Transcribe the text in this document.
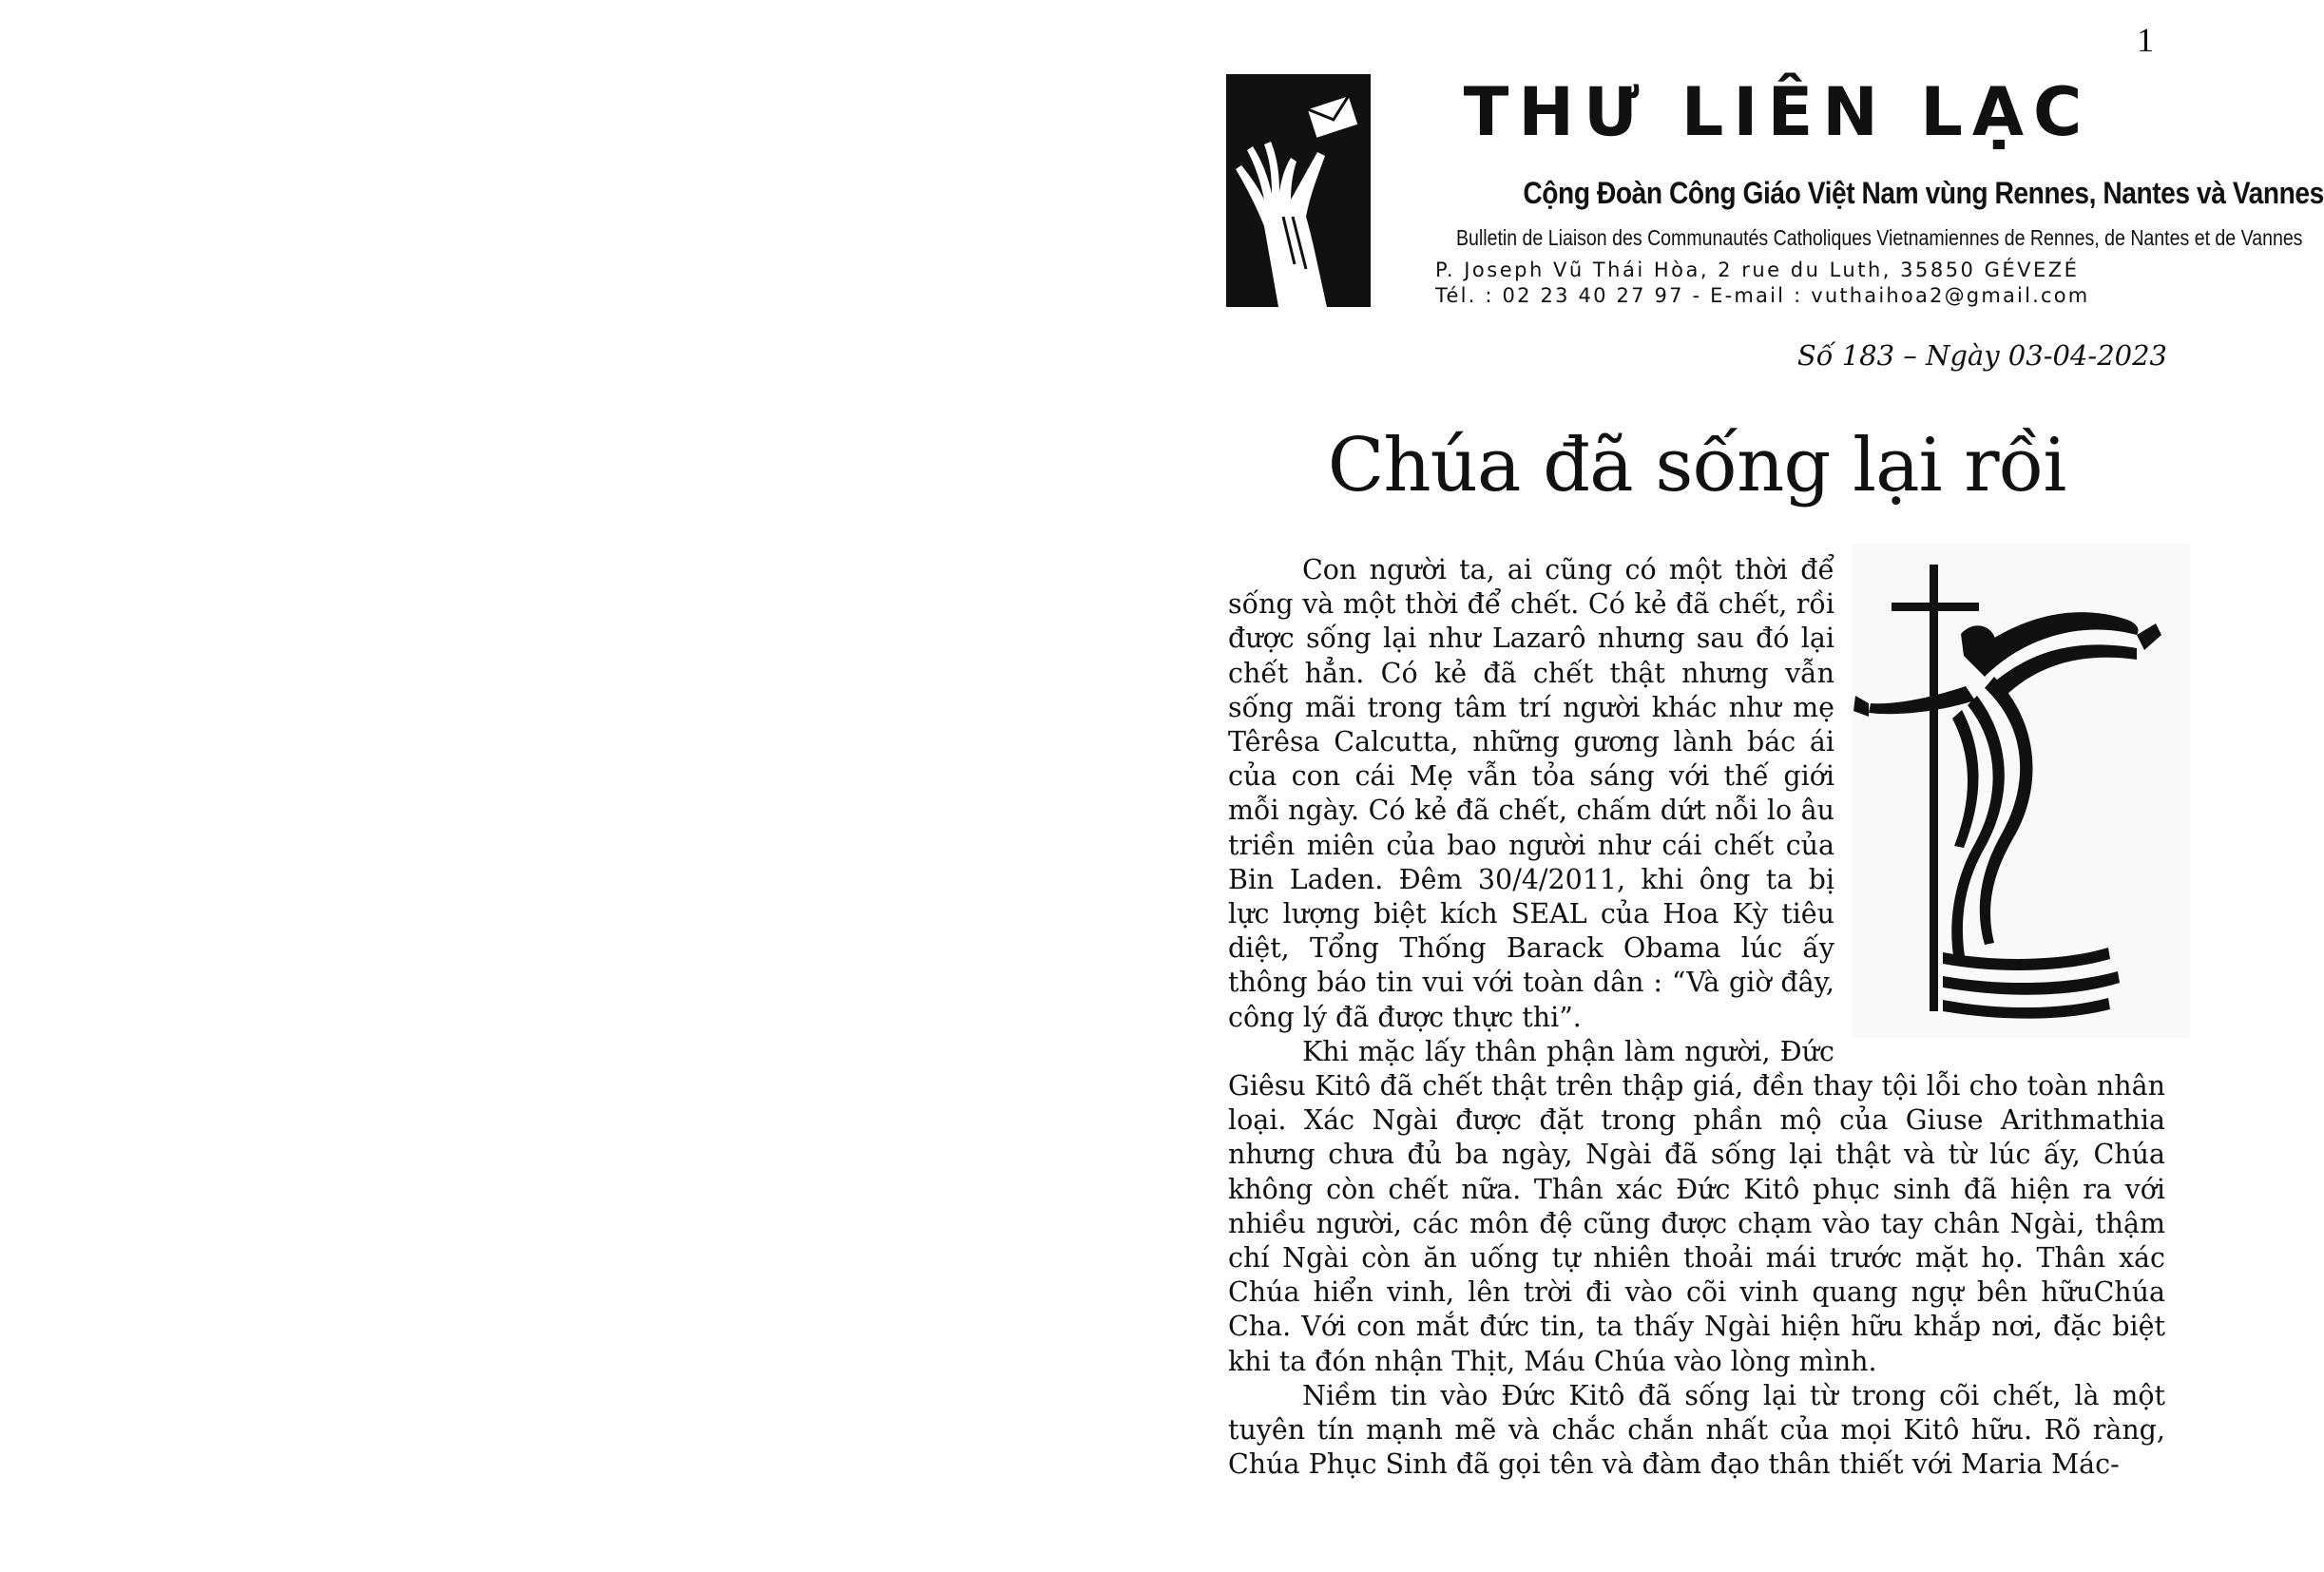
1
THƯ LIÊN LẠC
Cộng Đoàn Công Giáo Việt Nam vùng Rennes, Nantes và Vannes
Bulletin de Liaison des Communautés Catholiques Vietnamiennes de Rennes, de Nantes et de Vannes
P. Joseph Vũ Thái Hòa, 2 rue du Luth, 35850 GÉVEZÉ
Tél. : 02 23 40 27 97 - E-mail : vuthaihoa2@gmail.com
Số 183 – Ngày 03-04-2023
Chúa đã sống lại rồi

Con người ta, ai cũng có một thời để sống và một thời để chết. Có kẻ đã chết, rồi được sống lại như Lazarô nhưng sau đó lại chết hẳn. Có kẻ đã chết thật nhưng vẫn sống mãi trong tâm trí người khác như mẹ Têrêsa Calcutta, những gương lành bác ái của con cái Mẹ vẫn tỏa sáng với thế giới mỗi ngày. Có kẻ đã chết, chấm dứt nỗi lo âu triền miên của bao người như cái chết của Bin Laden. Đêm 30/4/2011, khi ông ta bị lực lượng biệt kích SEAL của Hoa Kỳ tiêu diệt, Tổng Thống Barack Obama lúc ấy thông báo tin vui với toàn dân : “Và giờ đây, công lý đã được thực thi”.

Khi mặc lấy thân phận làm người, Đức Giêsu Kitô đã chết thật trên thập giá, đền thay tội lỗi cho toàn nhân loại. Xác Ngài được đặt trong phần mộ của Giuse Arithmathia nhưng chưa đủ ba ngày, Ngài đã sống lại thật và từ lúc ấy, Chúa không còn chết nữa. Thân xác Đức Kitô phục sinh đã hiện ra với nhiều người, các môn đệ cũng được chạm vào tay chân Ngài, thậm chí Ngài còn ăn uống tự nhiên thoải mái trước mặt họ. Thân xác Chúa hiển vinh, lên trời đi vào cõi vinh quang ngự bên hữuChúa Cha. Với con mắt đức tin, ta thấy Ngài hiện hữu khắp nơi, đặc biệt khi ta đón nhận Thịt, Máu Chúa vào lòng mình.

Niềm tin vào Đức Kitô đã sống lại từ trong cõi chết, là một tuyên tín mạnh mẽ và chắc chắn nhất của mọi Kitô hữu. Rõ ràng, Chúa Phục Sinh đã gọi tên và đàm đạo thân thiết với Maria Mác-
